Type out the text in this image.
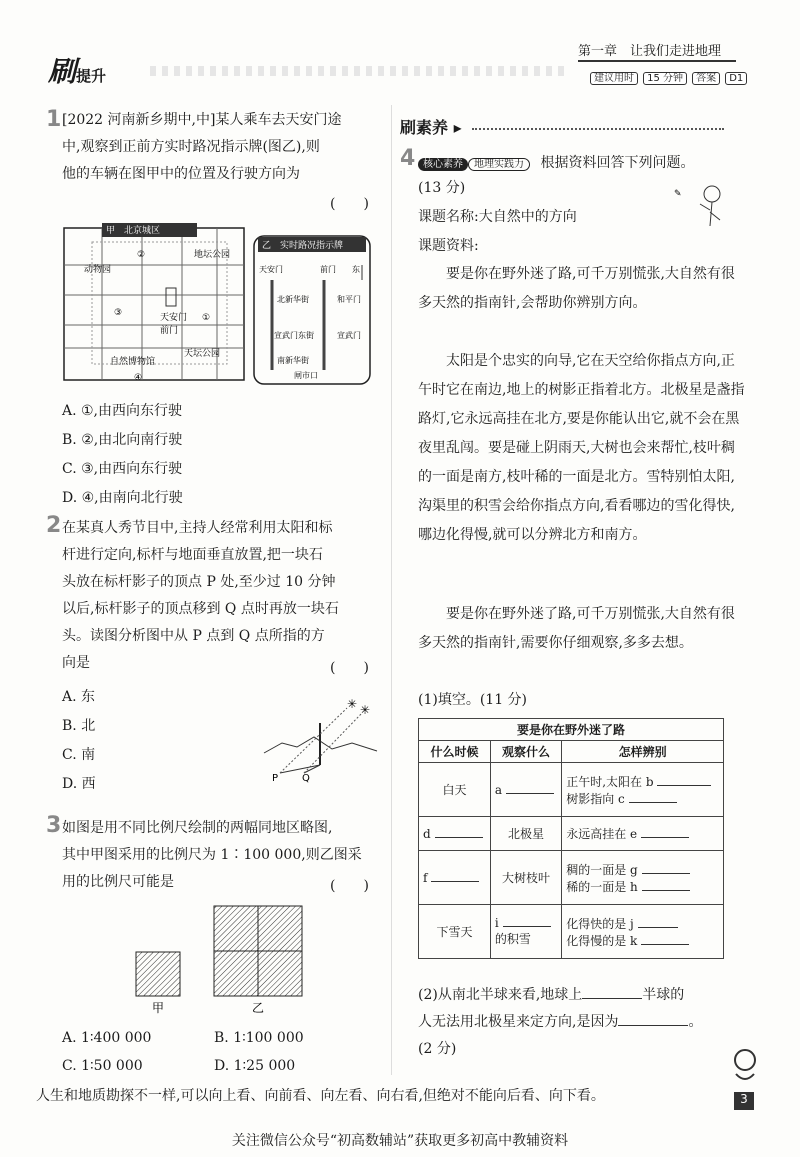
刷提升
第一章　让我们走进地理
建议用时 15 分钟 答案 D1
1 [2022 河南新乡期中,中]某人乘车去天安门途
中,观察到正前方实时路况指示牌(图乙),则
他的车辆在图甲中的位置及行驶方向为
(　　)
甲　北京城区
动物园
②	地坛公园
③	天安门
前门
①
自然博物馆
天坛公园
④
乙　实时路况指示牌
天安门	前门 东
北新华街	和平门
宣武门东街	宣武门
南新华街
闸市口
A. ①,由西向东行驶
B. ②,由北向南行驶
C. ③,由西向东行驶
D. ④,由南向北行驶
2 在某真人秀节目中,主持人经常利用太阳和标
杆进行定向,标杆与地面垂直放置,把一块石
头放在标杆影子的顶点 P 处,至少过 10 分钟
以后,标杆影子的顶点移到 Q 点时再放一块石
头。读图分析图中从 P 点到 Q 点所指的方
向是	(　　)
A. 东
B. 北
C. 南
D. 西
✳ ✳
P Q
3 如图是用不同比例尺绘制的两幅同地区略图,
其中甲图采用的比例尺为 1∶100 000,则乙图采
用的比例尺可能是	(　　)
甲	乙
A. 1∶400 000	B. 1∶100 000
C. 1∶50 000	D. 1∶25 000
刷素养 ▸
4 核心素养 地理实践力 根据资料回答下列问题。
(13 分)
课题名称:大自然中的方向
课题资料:
✎
要是你在野外迷了路,可千万别慌张,大自然有很多天然的指南针,会帮助你辨别方向。
太阳是个忠实的向导,它在天空给你指点方向,正午时它在南边,地上的树影正指着北方。北极星是盏指路灯,它永远高挂在北方,要是你能认出它,就不会在黑夜里乱闯。要是碰上阴雨天,大树也会来帮忙,枝叶稠的一面是南方,枝叶稀的一面是北方。雪特别怕太阳,沟渠里的积雪会给你指点方向,看看哪边的雪化得快,哪边化得慢,就可以分辨北方和南方。
要是你在野外迷了路,可千万别慌张,大自然有很多天然的指南针,需要你仔细观察,多多去想。
(1)填空。(11 分)
要是你在野外迷了路		
什么时候	观察什么	怎样辨别
白天	a	正午时,太阳在 b
树影指向 c
d	北极星	永远高挂在 e
f	大树枝叶	稠的一面是 g
稀的一面是 h
下雪天	i
的积雪	化得快的是 j
化得慢的是 k
(2)从南北半球来看,地球上	半球的
人无法用北极星来定方向,是因为	。
(2 分)
人生和地质勘探不一样,可以向上看、向前看、向左看、向右看,但绝对不能向后看、向下看。	3
关注微信公众号“初高数辅站”获取更多初高中教辅资料
